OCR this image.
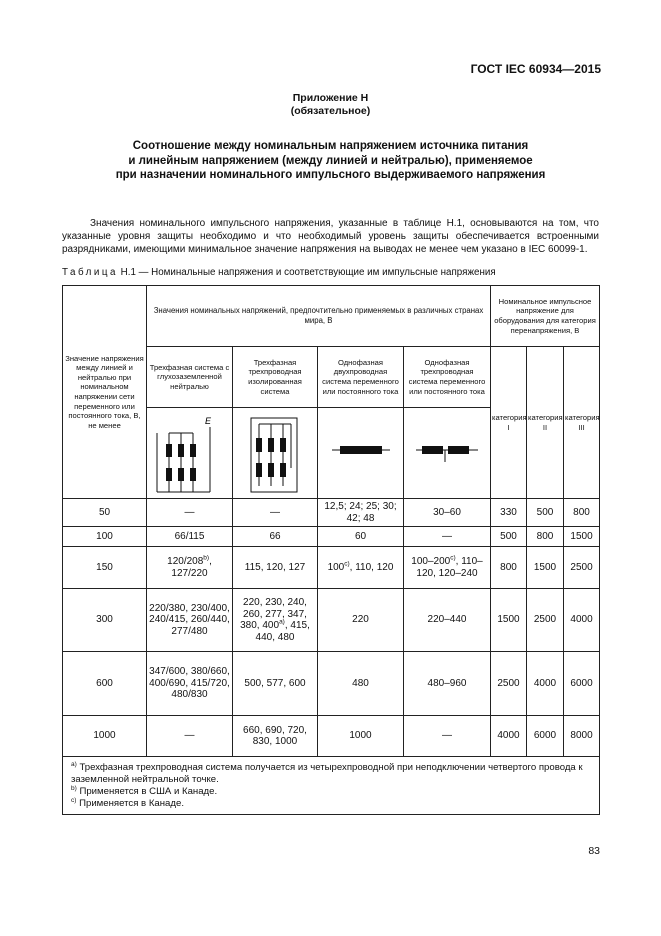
ГОСТ IEC 60934—2015
Приложение Н
(обязательное)
Соотношение между номинальным напряжением источника питания
и линейным напряжением (между линией и нейтралью), применяемое
при назначении номинального импульсного выдерживаемого напряжения
Значения номинального импульсного напряжения, указанные в таблице Н.1, основываются на том, что указанные уровня защиты необходимо и что необходимый уровень защиты обеспечивается встроенными разрядниками, имеющими минимальное значение напряжения на выводах не менее чем указано в IEC 60099-1.
Таблица Н.1 — Номинальные напряжения и соответствующие им импульсные напряжения
Значение напряжения между линией и нейтралью при номинальном напряжении сети переменного или постоянного тока, В, не менее	Значения номинальных напряжений, предпочтительно применяемых в различных странах мира, В				Номинальное импульсное напряжение для оборудования для категория перенапряжения, В		
	Трехфазная система с глухозаземленной нейтралью	Трехфазная трехпроводная изолированная система	Однофазная двухпроводная система переменного или постоянного тока	Однофазная трехпроводная система переменного или постоянного тока	категория I	категория II	категория III

E

50	—	—	12,5; 24; 25; 30; 42; 48	30–60	330	500	800
100	66/115	66	60	—	500	800	1500
150	120/208$^{b)}$, 127/220	115, 120, 127	100$^{c)}$, 110, 120	100–200$^{c)}$, 110–120, 120–240	800	1500	2500
300	220/380, 230/400, 240/415, 260/440, 277/480	220, 230, 240, 260, 277, 347, 380, 400$^{a)}$, 415, 440, 480	220	220–440	1500	2500	4000
600	347/600, 380/660, 400/690, 415/720, 480/830	500, 577, 600	480	480–960	2500	4000	6000
1000	—	660, 690, 720, 830, 1000	1000	—	4000	6000	8000

$^{a)}$ Трехфазная трехпроводная система получается из четырехпроводной при неподключении четвертого провода к заземленной нейтральной точке.
$^{b)}$ Применяется в США и Канаде.
$^{c)}$ Применяется в Канаде.							
83
